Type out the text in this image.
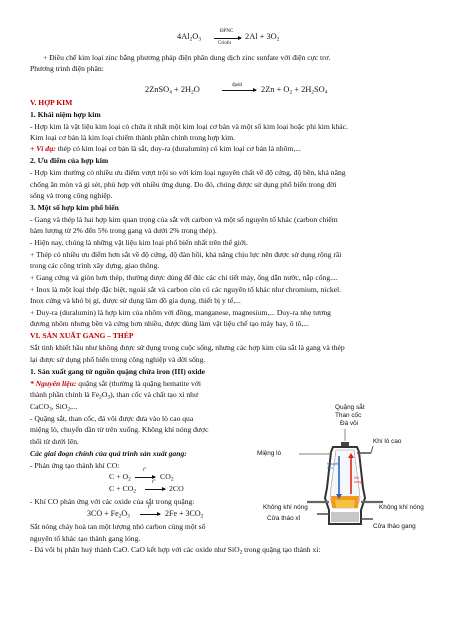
$4Al_2O_3$
ĐPNC
Criolit
$2Al + 3O_2$
+ Điều chế kim loại zinc bằng phương pháp điện phân dung dịch zinc sunfate với điện cực trơ.
Phương trình điện phân:
2ZnSO$_4$ + $2H_2O$	đpdd $2Zn + O_2 + 2H_2SO_4$
V. HỢP KIM
1. Khái niệm hợp kim
- Hợp kim là vật liệu kim loại có chứa ít nhất một kim loại cơ bản và một số kim loại hoặc phi kim khác.
Kim loại cơ bản là kim loại chiếm thành phần chính trong hợp kim.
+ Ví dụ: thép có kim loại cơ bản là sắt, duy-ra (duralumin) có kim loại cơ bản là nhôm,...
2. Ưu điểm của hợp kim
- Hợp kim thường có nhiều ưu điểm vượt trội so với kim loại nguyên chất về độ cứng, độ bền, khả năng
chống ăn mòn và gỉ sét, phù hợp với nhiều ứng dụng. Do đó, chúng được sử dụng phổ biến trong đời
sống và trong công nghiệp.
3. Một số hợp kim phổ biến
- Gang và thép là hai hợp kim quan trọng của sắt với carbon và một số nguyên tố khác (carbon chiếm
hàm lượng từ 2% đến 5% trong gang và dưới 2% trong thép).
- Hiện nay, chúng là những vật liệu kim loại phổ biến nhất trên thế giới.
+ Thép có nhiều ưu điểm hơn sắt về độ cứng, độ đàn hồi, khả năng chịu lực nên được sử dụng rộng rãi
trong các công trình xây dựng, giao thông.
+ Gang cứng và giòn hơn thép, thường được dùng để đúc các chi tiết máy, ống dẫn nước, nắp cống....
+ Inox là một loại thép đặc biệt, ngoài sắt và carbon còn có các nguyên tố khác như chromium, nickel.
Inox cứng và khó bị gỉ, được sử dụng làm đồ gia dụng, thiết bị y tế,...
+ Duy-ra (duralumin) là hợp kim của nhôm với đồng, manganese, magnesium,... Duy-ra nhẹ tương
đương nhôm nhưng bền và cứng hơn nhiều, được dùng làm vật liệu chế tạo máy bay, ô tô,...
VI. SẢN XUẤT GANG – THÉP
Sắt tinh khiết hầu như không được sử dụng trong cuộc sống, nhưng các hợp kim của sắt là gang và thép
lại được sử dụng phổ biến trong công nghiệp và đời sống.
1. Sản xuất gang từ nguồn quặng chứa iron (III) oxide
* Nguyên liệu: quặng sắt (thường là quặng hematite với
thành phần chính là $Fe_2O_3$), than cốc và chất tạo xỉ như
CaCO$_3$, SiO$_2$,...
- Quặng sắt, than cốc, đá vôi được đưa vào lò cao qua
miệng lò, chuyển dần từ trên xuống. Không khí nóng được
thổi từ dưới lên.
Các giai đoạn chính của quá trình sản xuất gang:
- Phản ứng tạo thành khí CO:
$C + O_2$
t°
→ $CO_2$
$C + CO_2$
t°
→ 2CO
- Khí CO phản ứng với các oxide của sắt trong quặng:
$3CO + Fe_2O_3$
t°
→ $2Fe + 3CO_2$
Sắt nóng chảy hoà tan một lượng nhỏ carbon cùng một số
nguyên tố khác tạo thành gang lỏng.
- Đá vôi bị phân huỷ thành CaO. CaO kết hợp với các oxide như SiO$_2$ trong quặng tạo thành xỉ:
Quặng sắt
Than cốc
Đá vôi
Miệng lò
Khí lò cao
Nguyên
liệu
Khí
nóng
Không khí nóng	Không khí nóng
Cửa tháo xỉ
Cửa tháo gang
